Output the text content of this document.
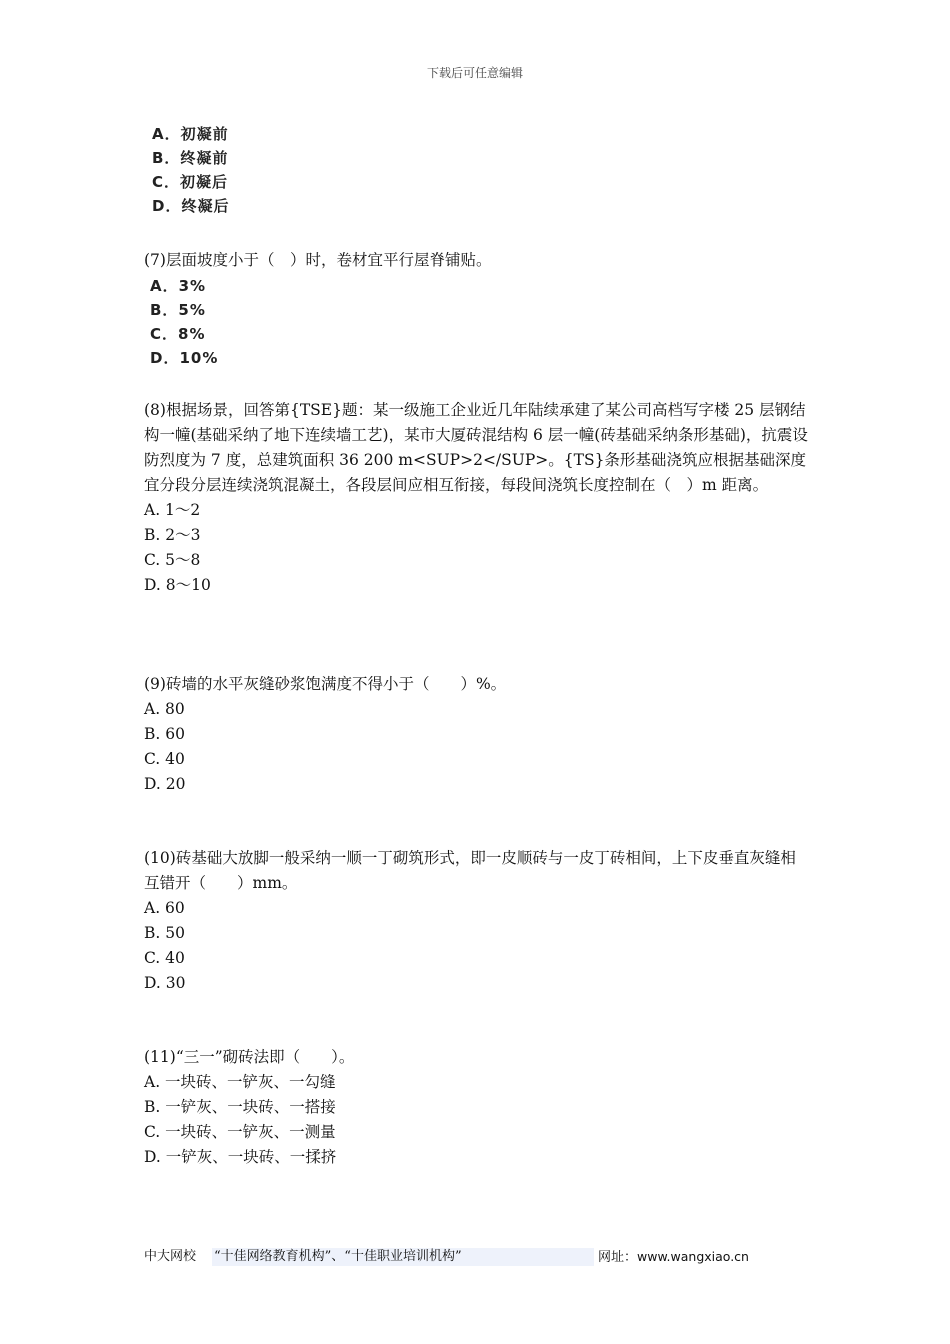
下载后可任意编辑
A．初凝前
B．终凝前
C．初凝后
D．终凝后

(7)层面坡度小于（　）时，卷材宜平行屋脊铺贴。

A．3%
B．5%
C．8%
D．10%

(8)根据场景，回答第{TSE}题：某一级施工企业近几年陆续承建了某公司高档写字楼 25 层钢结构一幢(基础采纳了地下连续墙工艺)，某市大厦砖混结构 6 层一幢(砖基础采纳条形基础)，抗震设防烈度为 7 度，总建筑面积 36 200 m<SUP>2</SUP>。{TS}条形基础浇筑应根据基础深度宜分段分层连续浇筑混凝土，各段层间应相互衔接，每段间浇筑长度控制在（　）m 距离。

A. 1～2
B. 2～3
C. 5～8
D. 8～10

(9)砖墙的水平灰缝砂浆饱满度不得小于（　　）%。

A. 80
B. 60
C. 40
D. 20

(10)砖基础大放脚一般采纳一顺一丁砌筑形式，即一皮顺砖与一皮丁砖相间，上下皮垂直灰缝相互错开（　　）mm。

A. 60
B. 50
C. 40
D. 30

(11)“三一”砌砖法即（　　）。

A. 一块砖、一铲灰、一勾缝
B. 一铲灰、一块砖、一搭接
C. 一块砖、一铲灰、一测量
D. 一铲灰、一块砖、一揉挤
中大网校 “十佳网络教育机构”、“十佳职业培训机构”	网址：www.wangxiao.cn
